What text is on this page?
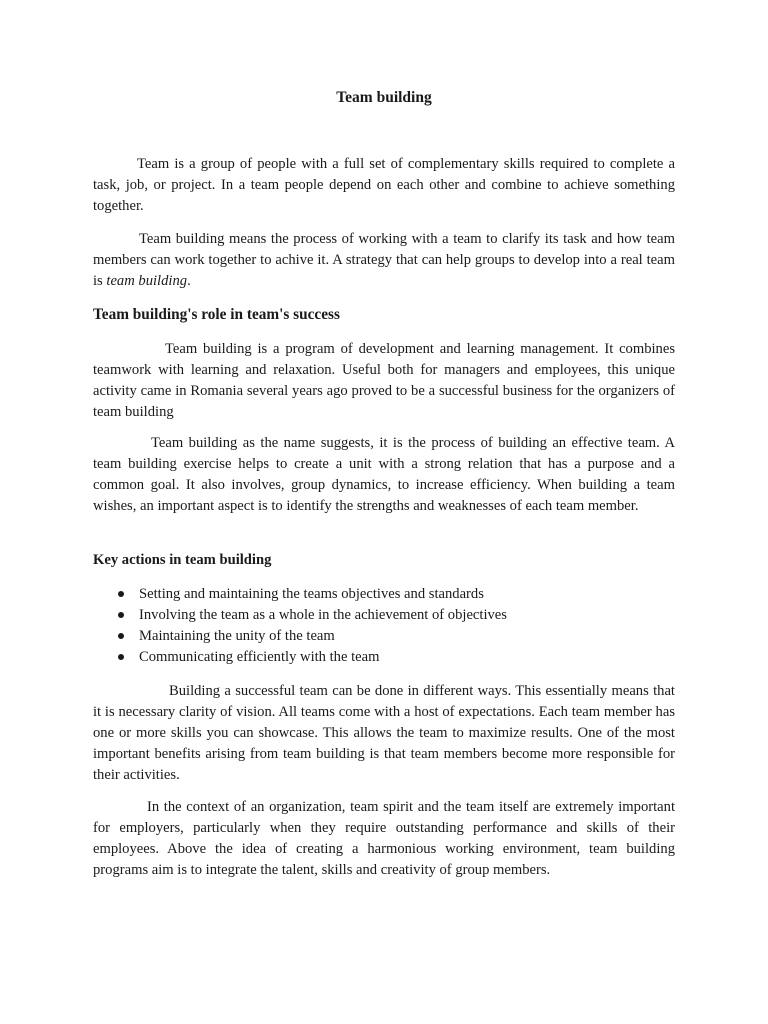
Team building

Team is a group of people with a full set of complementary skills required to complete a task, job, or project. In a team people depend on each other and combine to achieve something together.

Team building means the process of working with a team to clarify its task and how team members can work together to achive it. A strategy that can help groups to develop into a real team is team building.

Team building's role in team's success

Team building is a program of development and learning management. It combines teamwork with learning and relaxation. Useful both for managers and employees, this unique activity came in Romania several years ago proved to be a successful business for the organizers of team building

Team building as the name suggests, it is the process of building an effective team. A team building exercise helps to create a unit with a strong relation that has a purpose and a common goal. It also involves, group dynamics, to increase efficiency. When building a team wishes, an important aspect is to identify the strengths and weaknesses of each team member.

Key actions in team building
Setting and maintaining the teams objectives and standards
Involving the team as a whole in the achievement of objectives
Maintaining the unity of the team
Communicating efficiently with the team

Building a successful team can be done in different ways. This essentially means that it is necessary clarity of vision. All teams come with a host of expectations. Each team member has one or more skills you can showcase. This allows the team to maximize results. One of the most important benefits arising from team building is that team members become more responsible for their activities.

In the context of an organization, team spirit and the team itself are extremely important for employers, particularly when they require outstanding performance and skills of their employees. Above the idea of creating a harmonious working environment, team building programs aim is to integrate the talent, skills and creativity of group members.
